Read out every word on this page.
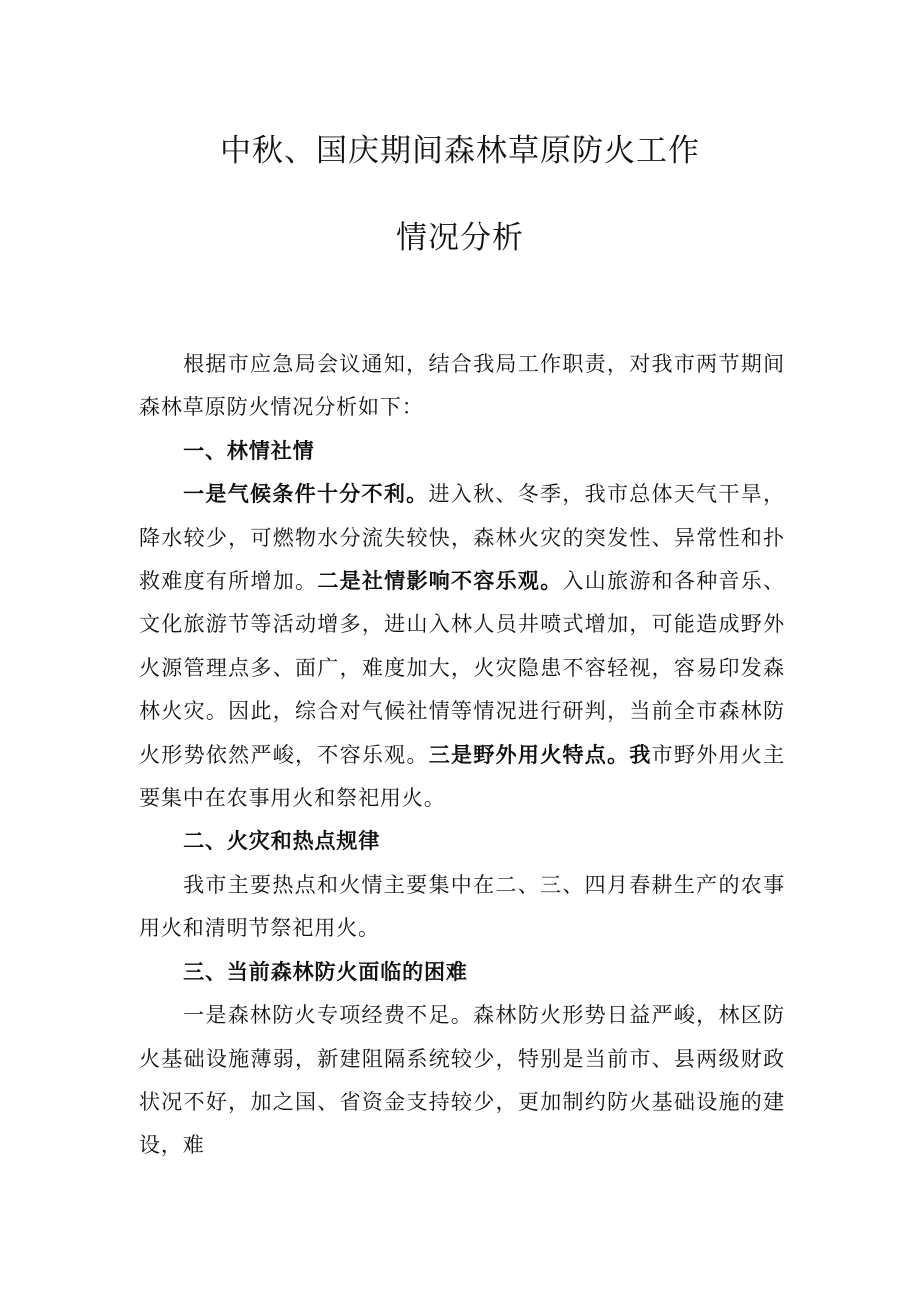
中秋、国庆期间森林草原防火工作
情况分析

根据市应急局会议通知，结合我局工作职责，对我市两节期间森林草原防火情况分析如下：

一、林情社情

一是气候条件十分不利。进入秋、冬季，我市总体天气干旱，降水较少，可燃物水分流失较快，森林火灾的突发性、异常性和扑救难度有所增加。二是社情影响不容乐观。入山旅游和各种音乐、文化旅游节等活动增多，进山入林人员井喷式增加，可能造成野外火源管理点多、面广，难度加大，火灾隐患不容轻视，容易印发森林火灾。因此，综合对气候社情等情况进行研判，当前全市森林防火形势依然严峻，不容乐观。三是野外用火特点。我市野外用火主要集中在农事用火和祭祀用火。

二、火灾和热点规律

我市主要热点和火情主要集中在二、三、四月春耕生产的农事用火和清明节祭祀用火。

三、当前森林防火面临的困难

一是森林防火专项经费不足。森林防火形势日益严峻，林区防火基础设施薄弱，新建阻隔系统较少，特别是当前市、县两级财政状况不好，加之国、省资金支持较少，更加制约防火基础设施的建设，难
